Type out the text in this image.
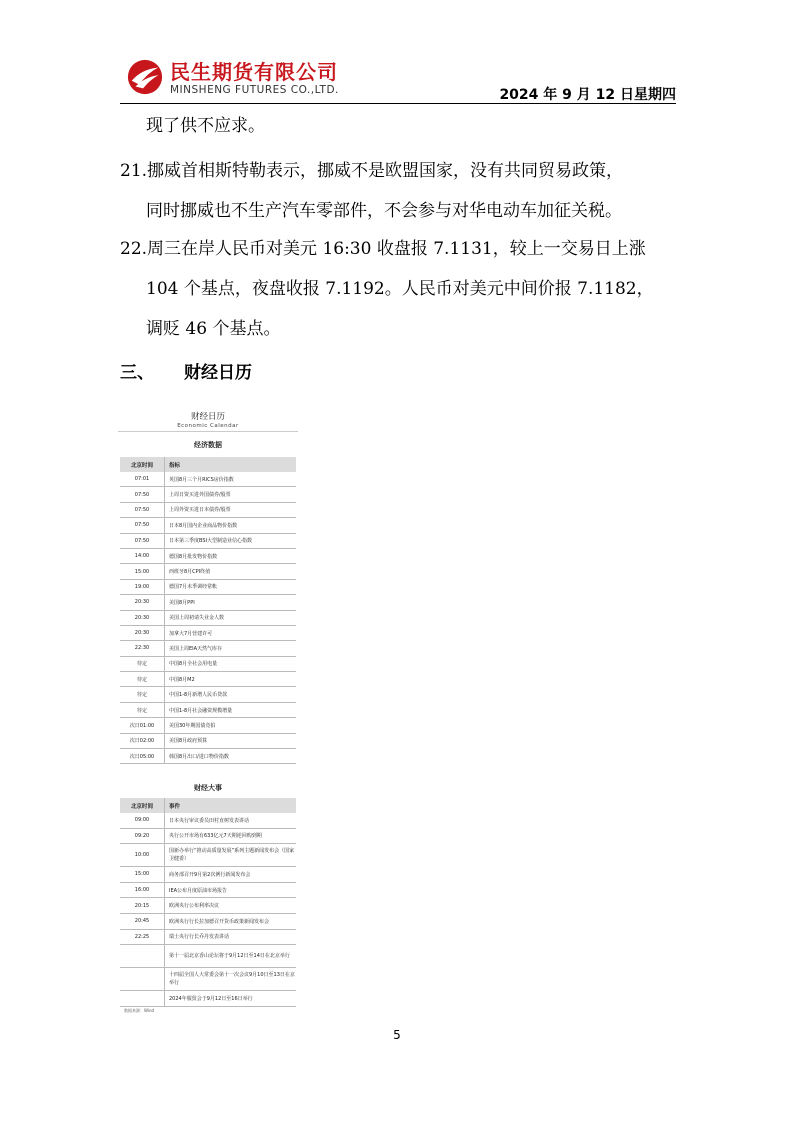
民生期货有限公司
MINSHENG FUTURES CO.,LTD.	2024 年 9 月 12 日星期四
现了供不应求。
21.挪威首相斯特勒表示，挪威不是欧盟国家，没有共同贸易政策，
同时挪威也不生产汽车零部件，不会参与对华电动车加征关税。
22.周三在岸人民币对美元 16:30 收盘报 7.1131，较上一交易日上涨
104 个基点，夜盘收报 7.1192。人民币对美元中间价报 7.1182，
调贬 46 个基点。
三、 财经日历
财经日历
Economic Calendar
经济数据
北京时间	指标
07:01	英国8月三个月RICS房价指数
07:50	上周日资买进外国债券/股票
07:50	上周外资买进日本债券/股票
07:50	日本8月国内企业商品物价指数
07:50	日本第三季度BSI大型制造业信心指数
14:00	德国8月批发物价指数
15:00	西班牙8月CPI终值
19:00	德国7月未季调经常帐
20:30	美国8月PPI
20:30	美国上周初请失业金人数
20:30	加拿大7月营建许可
22:30	美国上周EIA天然气库存
待定	中国8月全社会用电量
待定	中国8月M2
待定	中国1-8月新增人民币贷款
待定	中国1-8月社会融资规模增量
次日01:00	美国30年期国债竞拍
次日02:00	美国8月政府预算
次日05:00	韩国8月出口/进口物价指数
财经大事
北京时间	事件
09:00	日本央行审议委员田村直树发表讲话
09:20	央行公开市场有633亿元7天期逆回购到期
10:00	国新办举行“推动高质量发展”系列主题新闻发布会（国家卫健委）
15:00	商务部召开9月第2次例行新闻发布会
16:00	IEA公布月度原油市场报告
20:15	欧洲央行公布利率决议
20:45	欧洲央行行长拉加德召开货币政策新闻发布会
22:25	瑞士央行行长乔丹发表讲话
	第十一届北京香山论坛将于9月12日至14日在北京举行
	十四届全国人大常委会第十一次会议9月10日至13日在京举行
	2024年服贸会于9月12日至16日举行
数据来源：Wind
5
